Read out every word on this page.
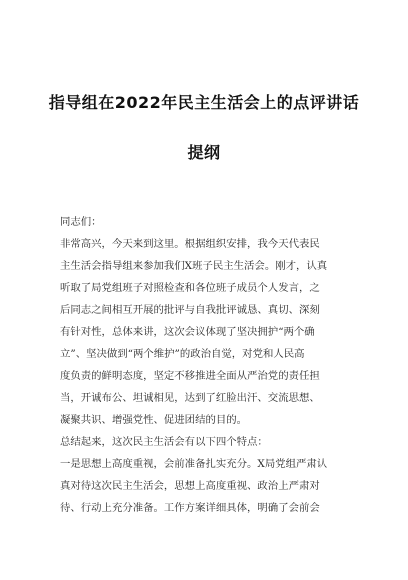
指导组在2022年民主生活会上的点评讲话
提纲
同志们：
非常高兴，今天来到这里。根据组织安排，我今天代表民
主生活会指导组来参加我们X班子民主生活会。刚才，认真
听取了局党组班子对照检查和各位班子成员个人发言，之
后同志之间相互开展的批评与自我批评诚恳、真切、深刻
有针对性，总体来讲，这次会议体现了坚决拥护“两个确
立”、坚决做到“两个维护”的政治自觉，对党和人民高
度负责的鲜明态度，坚定不移推进全面从严治党的责任担
当，开诚布公、坦诚相见，达到了红脸出汗、交流思想、
凝聚共识、增强党性、促进团结的目的。
总结起来，这次民主生活会有以下四个特点：
一是思想上高度重视，会前准备扎实充分。X局党组严肃认
真对待这次民主生活会，思想上高度重视、政治上严肃对
待、行动上充分准备。工作方案详细具体，明确了会前会
